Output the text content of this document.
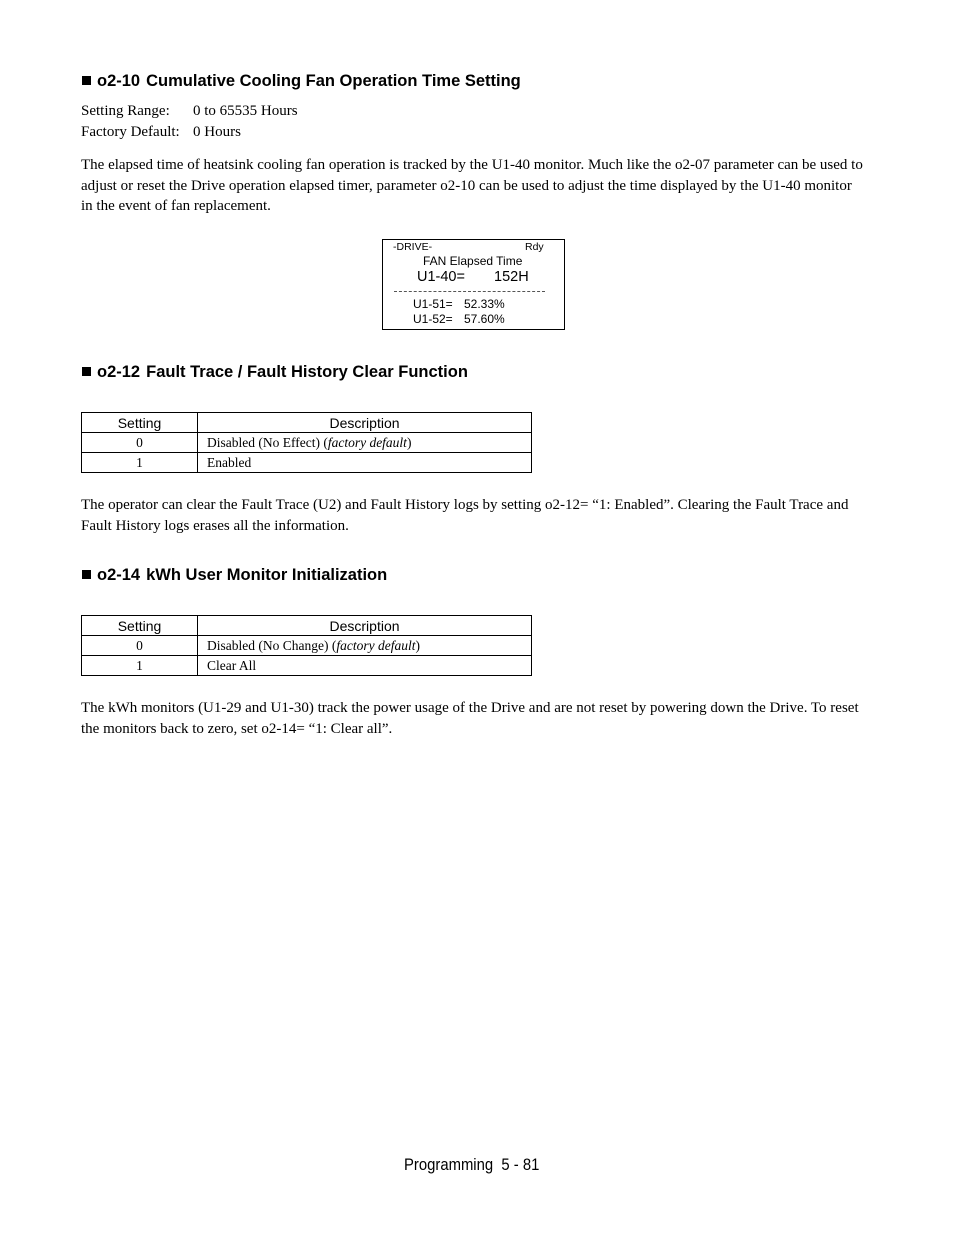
o2-10 Cumulative Cooling Fan Operation Time Setting
Setting Range: 0 to 65535 Hours
Factory Default: 0 Hours
The elapsed time of heatsink cooling fan operation is tracked by the U1-40 monitor. Much like the o2-07 parameter can be used to adjust or reset the Drive operation elapsed timer, parameter o2-10 can be used to adjust the time displayed by the U1-40 monitor in the event of fan replacement.
-DRIVE-	Rdy
FAN Elapsed Time
U1-40= 152H
U1-51= 52.33%
U1-52= 57.60%
o2-12 Fault Trace / Fault History Clear Function
Setting	Description
0	Disabled (No Effect) (factory default)
1	Enabled
The operator can clear the Fault Trace (U2) and Fault History logs by setting o2-12= “1: Enabled”. Clearing the Fault Trace and Fault History logs erases all the information.
o2-14 kWh User Monitor Initialization
Setting	Description
0	Disabled (No Change) (factory default)
1	Clear All
The kWh monitors (U1-29 and U1-30) track the power usage of the Drive and are not reset by powering down the Drive. To reset the monitors back to zero, set o2-14= “1: Clear all”.
Programming 5 - 81
